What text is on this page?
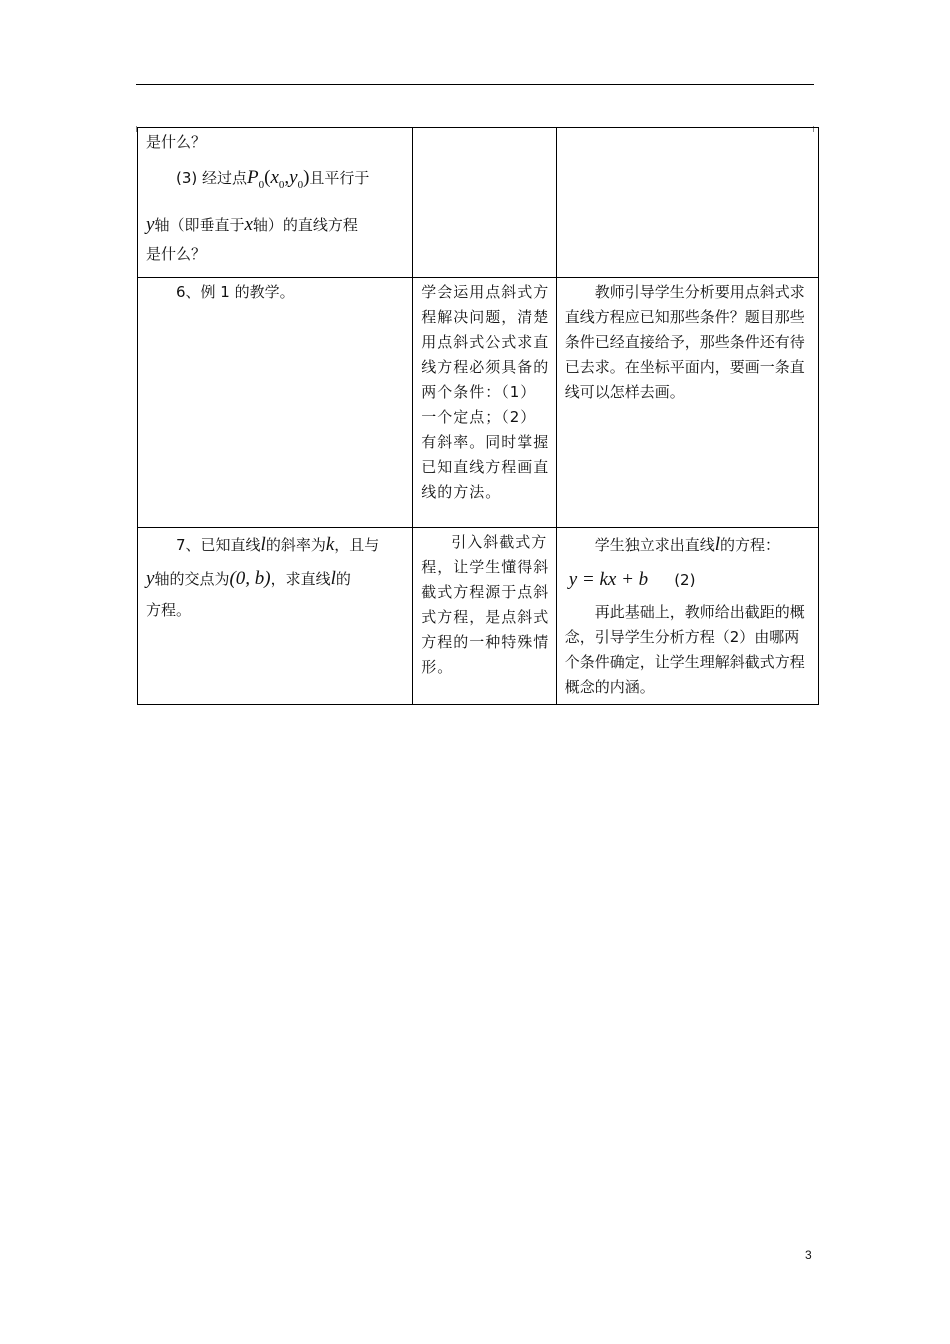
是什么？
(3) 经过点$P_0(x_0,y_0)$且平行于
y轴（即垂直于x轴）的直线方程
是什么？		

6、例 1 的教学。	学会运用点斜式方程解决问题，清楚用点斜式公式求直线方程必须具备的两个条件：（1）一个定点；（2）有斜率。同时掌握已知直线方程画直线的方法。	教师引导学生分析要用点斜式求直线方程应已知那些条件？题目那些条件已经直接给予，那些条件还有待已去求。在坐标平面内，要画一条直线可以怎样去画。

7、已知直线l的斜率为k，且与
y轴的交点为(0, b)，求直线l的
方程。	引入斜截式方程，让学生懂得斜截式方程源于点斜式方程，是点斜式方程的一种特殊情形。	学生独立求出直线l的方程：
y = kx + b (2)
再此基础上，教师给出截距的概念，引导学生分析方程（2）由哪两个条件确定，让学生理解斜截式方程概念的内涵。
3
